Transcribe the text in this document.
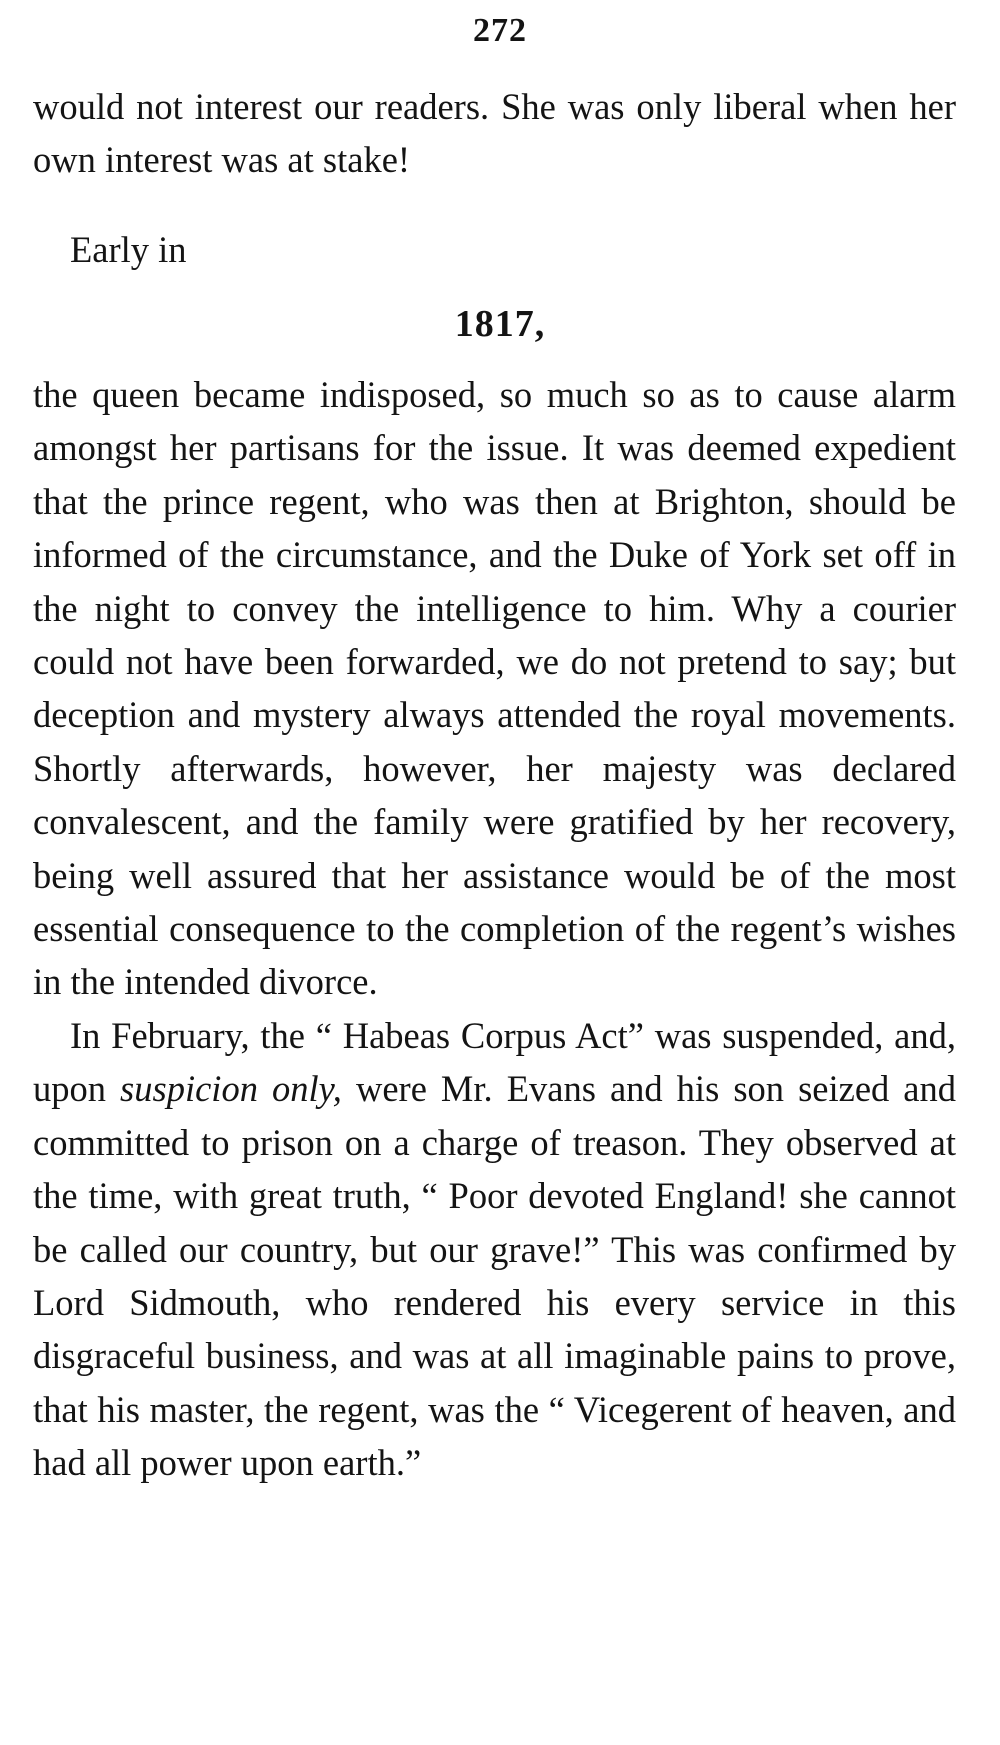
272

would not interest our readers. She was only liberal when her own interest was at stake!

Early in
1817,

the queen became indisposed, so much so as to cause alarm amongst her partisans for the issue. It was deemed expedient that the prince regent, who was then at Brighton, should be informed of the circumstance, and the Duke of York set off in the night to convey the intelligence to him. Why a courier could not have been forwarded, we do not pretend to say; but deception and mystery always attended the royal movements. Shortly afterwards, however, her majesty was declared convalescent, and the family were gratified by her recovery, being well assured that her assistance would be of the most essential consequence to the completion of the regent’s wishes in the intended divorce.

In February, the “ Habeas Corpus Act” was suspended, and, upon suspicion only, were Mr. Evans and his son seized and committed to prison on a charge of treason. They observed at the time, with great truth, “ Poor devoted England! she cannot be called our country, but our grave!” This was confirmed by Lord Sidmouth, who rendered his every service in this disgraceful business, and was at all imaginable pains to prove, that his master, the regent, was the “ Vicegerent of heaven, and had all power upon earth.”
